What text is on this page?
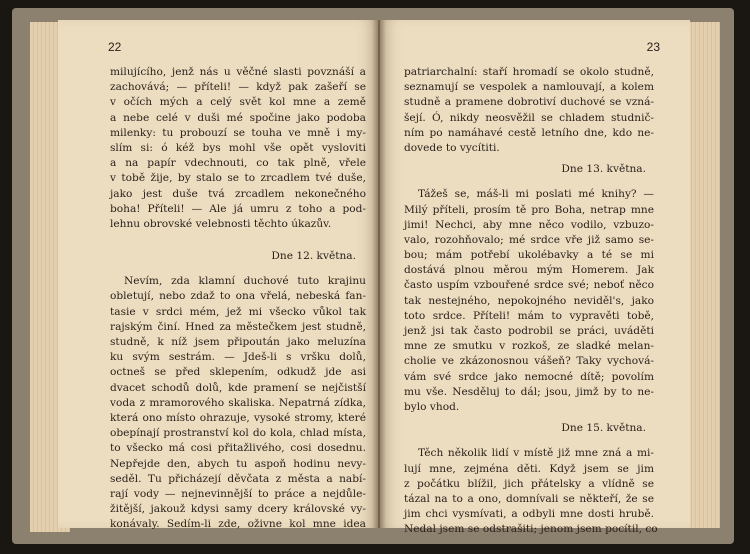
22
milujícího, jenž nás u věčné slasti povznáší a
zachovává; — příteli! — když pak zašeří se
v očích mých a celý svět kol mne a země
a nebe celé v duši mé spočine jako podoba
milenky: tu probouzí se touha ve mně i my-
slím si: ó kéž bys mohl vše opět vysloviti
a na papír vdechnouti, co tak plně, vřele
v tobě žije, by stalo se to zrcadlem tvé duše,
jako jest duše tvá zrcadlem nekonečného
boha! Příteli! — Ale já umru z toho a pod-
lehnu obrovské velebnosti těchto úkazův.
Dne 12. května.
Nevím, zda klamní duchové tuto krajinu
obletují, nebo zdaž to ona vřelá, nebeská fan-
tasie v srdci mém, jež mi všecko vůkol tak
rajským činí. Hned za městečkem jest studně,
studně, k níž jsem připoután jako meluzína
ku svým sestrám. — Jdeš-li s vršku dolů,
octneš se před sklepením, odkudž jde asi
dvacet schodů dolů, kde pramení se nejčistší
voda z mramorového skaliska. Nepatrná zídka,
která ono místo ohrazuje, vysoké stromy, které
obepínají prostranství kol do kola, chlad místa,
to všecko má cosi přitažlivého, cosi dosednu.
Nepřejde den, abych tu aspoň hodinu nevy-
seděl. Tu přicházejí děvčata z města a nabí-
rají vody — nejnevinnější to práce a nejdůle-
žitější, jakouž kdysi samy dcery královské vy-
konávaly. Sedím-li zde, oživne kol mne idea
23
patriarchalní: staří hromadí se okolo studně,
seznamují se vespolek a namlouvají, a kolem
studně a pramene dobrotiví duchové se vzná-
šejí. Ó, nikdy neosvěžil se chladem studnič-
ním po namáhavé cestě letního dne, kdo ne-
dovede to vycítiti.
Dne 13. května.
Tážeš se, máš-li mi poslati mé knihy? —
Milý příteli, prosím tě pro Boha, netrap mne
jimi! Nechci, aby mne něco vodilo, vzbuzo-
valo, rozohňovalo; mé srdce vře již samo se-
bou; mám potřebí ukolébavky a té se mi
dostává plnou měrou mým Homerem. Jak
často uspím vzbouřené srdce své; neboť něco
tak nestejného, nepokojného neviděl's, jako
toto srdce. Příteli! mám to vypravěti tobě,
jenž jsi tak často podrobil se práci, uváděti
mne ze smutku v rozkoš, ze sladké melan-
cholie ve zkázonosnou vášeň? Taky vychová-
vám své srdce jako nemocné dítě; povolím
mu vše. Nesděluj to dál; jsou, jimž by to ne-
bylo vhod.
Dne 15. května.
Těch několik lidí v místě již mne zná a mi-
lují mne, zejména děti. Když jsem se jim
z počátku blížil, jich přátelsky a vlídně se
tázal na to a ono, domnívali se někteří, že se
jim chci vysmívati, a odbyli mne dosti hrubě.
Nedal jsem se odstrašiti; jenom jsem pocítil, co
